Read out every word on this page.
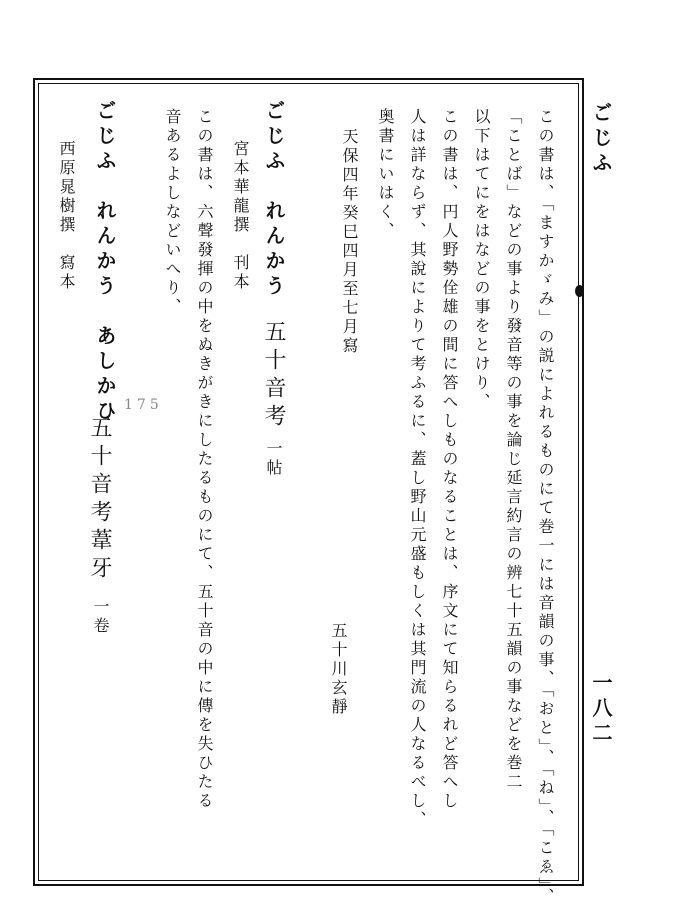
ごじふ
一八二
この書は、「ますかゞみ」の説によれるものにて巻一には音韻の事、「おと」、「ね」、「こゑ」、
「ことば」などの事より發音等の事を論じ延言約言の辨七十五韻の事などを巻二
以下はてにをはなどの事をとけり、
この書は、円人野勢佺雄の間に答へしものなることは、序文にて知らるれど答へし
人は詳ならず、其說によりて考ふるに、蓋し野山元盛もしくは其門流の人なるべし、
奥書にいはく、
天保四年癸巳四月至七月寫
五十川玄靜
ごじふ　れんかう
五十音考
一帖
宮本華龍撰　刊本
この書は、六聲發揮の中をぬきがきにしたるものにて、五十音の中に傳を失ひたる
音あるよしなどいへり、
ごじふ　れんかう　あしかひ
五十音考葦牙
一卷
西原晁樹撰　寫本
175
